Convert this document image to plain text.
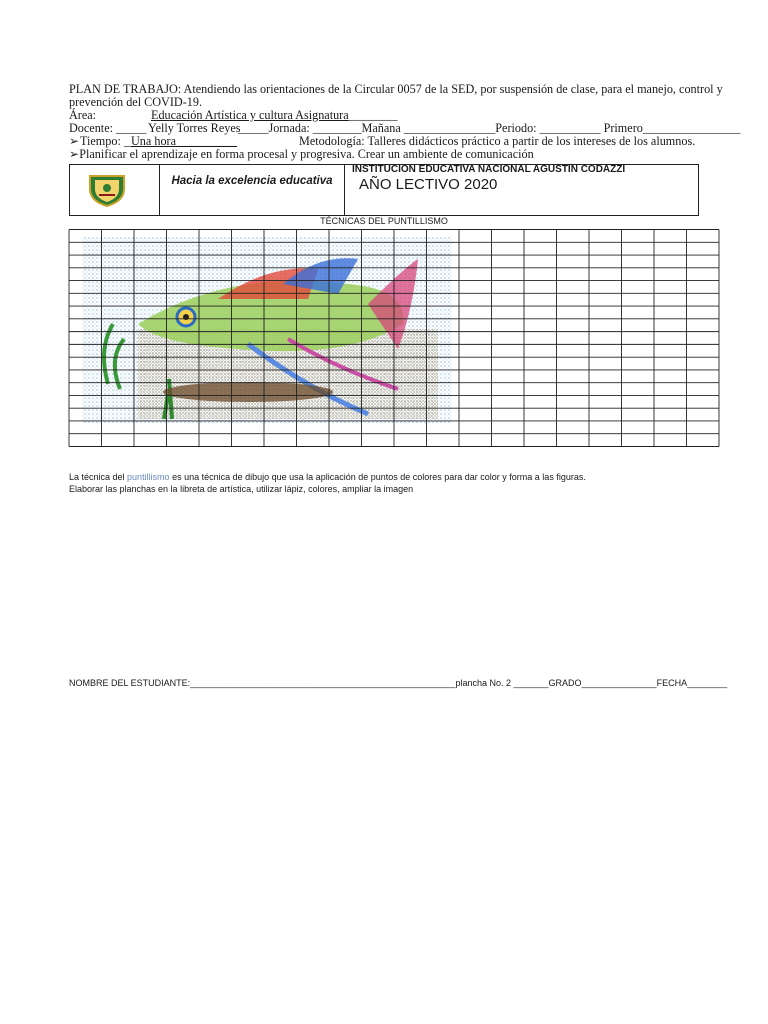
PLAN DE TRABAJO: Atendiendo las orientaciones de la Circular 0057 de la SED, por suspensión de clase, para el manejo, control y
prevención del COVID-19.
Área:	Educación Artística y cultura Asignatura________
Docente: _____ Yelly Torres Reyes
_____Jornada: ________Mañana _______________Periodo: __________ Primero________________
➢ Tiempo: __
Una hora__________	Metodología: Talleres didácticos práctico a partir de los intereses de los alumnos.
➢Planificar el aprendizaje en forma procesal y progresiva. Crear un ambiente de comunicación
Hacia la excelencia educativa
INSTITUCION EDUCATIVA NACIONAL AGUSTIN CODAZZI
AÑO LECTIVO 2020
TÉCNICAS DEL PUNTILLISMO
La técnica del puntillismo es una técnica de dibujo que usa la aplicación de puntos de colores para dar color y forma a las figuras.
Elaborar las planchas en la libreta de artística, utilizar lápiz, colores, ampliar la imagen
NOMBRE DEL ESTUDIANTE:_____________________________________________________plancha No. 2 _______GRADO_______________FECHA________
